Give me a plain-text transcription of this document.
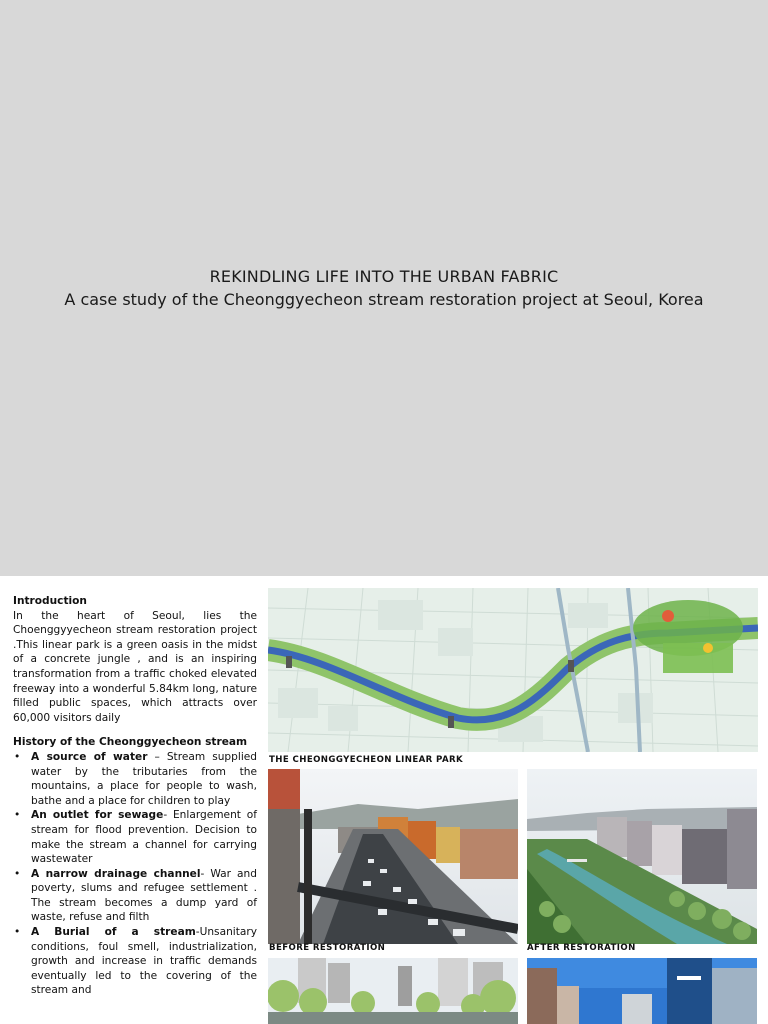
REKINDLING LIFE INTO THE URBAN FABRIC
A case study of the Cheonggyecheon stream restoration project at Seoul, Korea
Introduction
In the heart of Seoul, lies the Choenggyyecheon stream restoration project .This linear park is a green oasis in the midst of a concrete jungle , and is an inspiring transformation from a traffic choked elevated freeway into a wonderful 5.84km long, nature filled public spaces, which attracts over 60,000 visitors daily
History of the Cheonggyecheon stream
• A source of water – Stream supplied water by the tributaries from the mountains, a place for people to wash, bathe and a place for children to play
• An outlet for sewage- Enlargement of stream for flood prevention. Decision to make the stream a channel for carrying wastewater
• A narrow drainage channel- War and poverty, slums and refugee settlement . The stream becomes a dump yard of waste, refuse and filth
• A Burial of a stream-Unsanitary conditions, foul smell, industrialization, growth and increase in traffic demands eventually led to the covering of the stream and
THE CHEONGGYECHEON LINEAR PARK
BEFORE RESTORATION	AFTER RESTORATION
